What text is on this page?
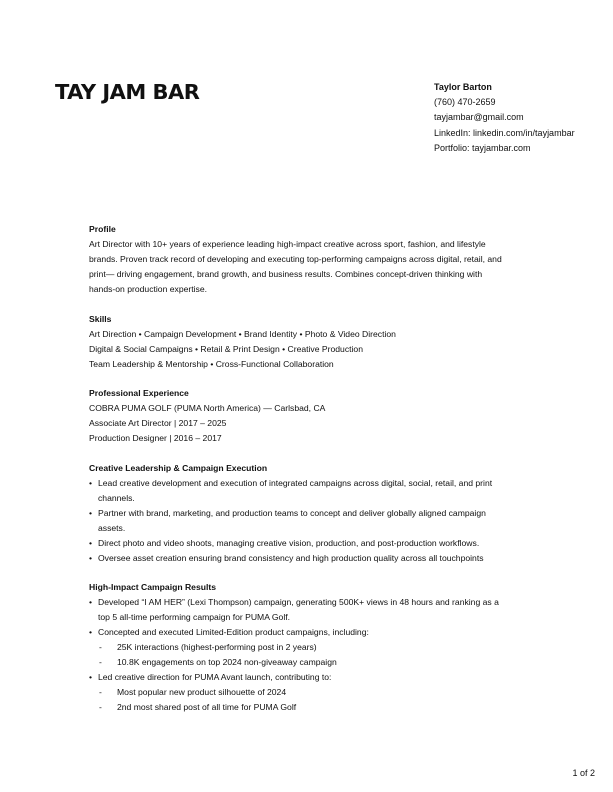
TAY JAM BAR	Taylor Barton
(760) 470-2659
tayjambar@gmail.com
LinkedIn: linkedin.com/in/tayjambar
Portfolio: tayjambar.com
Profile
Art Director with 10+ years of experience leading high-impact creative across sport, fashion, and lifestyle
brands. Proven track record of developing and executing top-performing campaigns across digital, retail, and
print— driving engagement, brand growth, and business results. Combines concept-driven thinking with
hands-on production expertise.
Skills
Art Direction • Campaign Development • Brand Identity • Photo & Video Direction
Digital & Social Campaigns • Retail & Print Design • Creative Production
Team Leadership & Mentorship • Cross-Functional Collaboration
Professional Experience
COBRA PUMA GOLF (PUMA North America) — Carlsbad, CA
Associate Art Director | 2017 – 2025
Production Designer | 2016 – 2017
Creative Leadership & Campaign Execution
• Lead creative development and execution of integrated campaigns across digital, social, retail, and print
channels.
• Partner with brand, marketing, and production teams to concept and deliver globally aligned campaign
assets.
• Direct photo and video shoots, managing creative vision, production, and post-production workflows.
• Oversee asset creation ensuring brand consistency and high production quality across all touchpoints
High-Impact Campaign Results
• Developed “I AM HER” (Lexi Thompson) campaign, generating 500K+ views in 48 hours and ranking as a
top 5 all-time performing campaign for PUMA Golf.
• Concepted and executed Limited-Edition product campaigns, including:
- 25K interactions (highest-performing post in 2 years)
- 10.8K engagements on top 2024 non-giveaway campaign
• Led creative direction for PUMA Avant launch, contributing to:
- Most popular new product silhouette of 2024
- 2nd most shared post of all time for PUMA Golf
1 of 2
